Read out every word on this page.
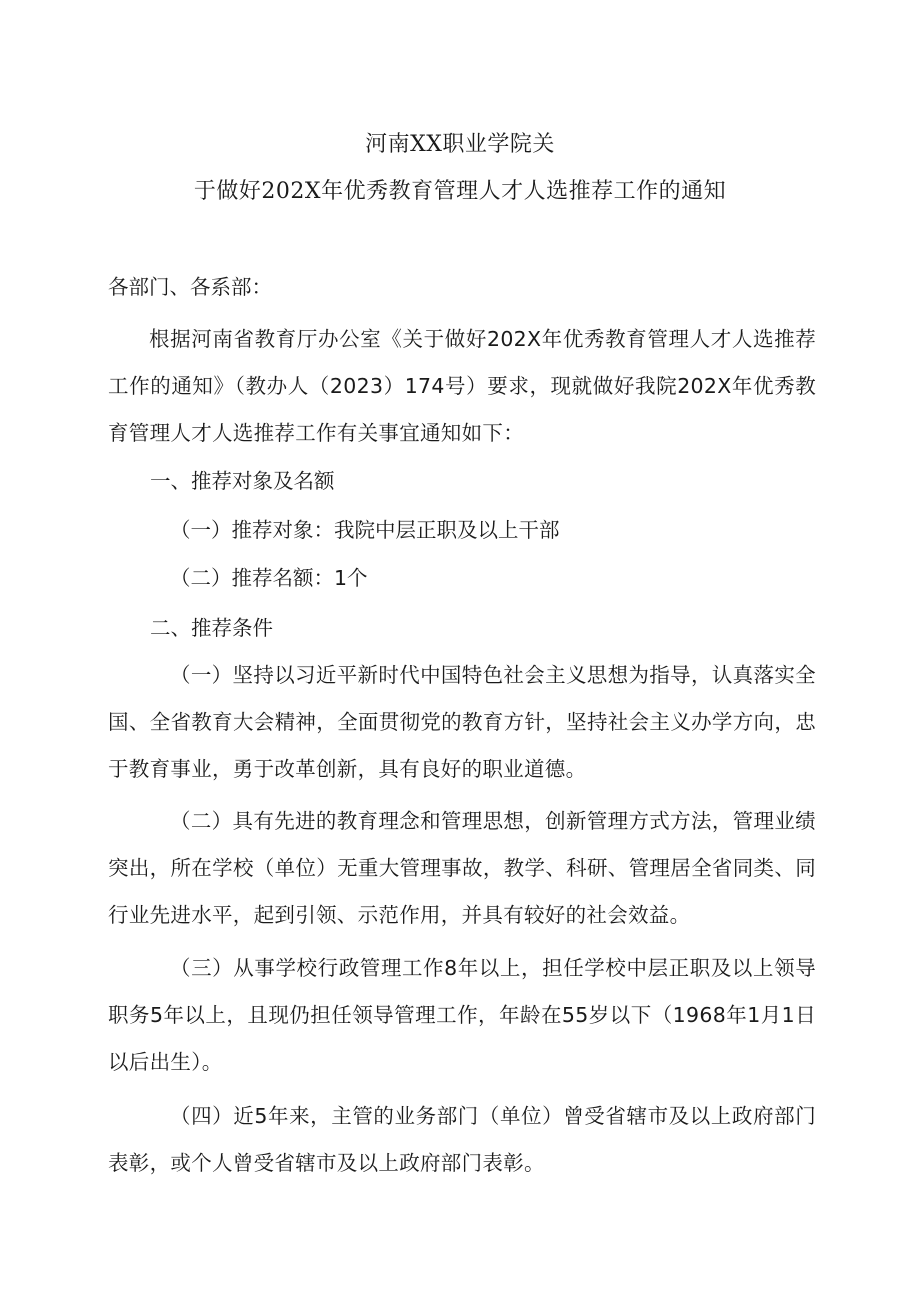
河南XX职业学院关
于做好202X年优秀教育管理人才人选推荐工作的通知
各部门、各系部：

根据河南省教育厅办公室《关于做好202X年优秀教育管理人才人选推荐工作的通知》（教办人（2023）174号）要求，现就做好我院202X年优秀教育管理人才人选推荐工作有关事宜通知如下：

一、推荐对象及名额
（一）推荐对象：我院中层正职及以上干部
（二）推荐名额：1个
二、推荐条件

（一）坚持以习近平新时代中国特色社会主义思想为指导，认真落实全国、全省教育大会精神，全面贯彻党的教育方针，坚持社会主义办学方向，忠于教育事业，勇于改革创新，具有良好的职业道德。

（二）具有先进的教育理念和管理思想，创新管理方式方法，管理业绩突出，所在学校（单位）无重大管理事故，教学、科研、管理居全省同类、同行业先进水平，起到引领、示范作用，并具有较好的社会效益。

（三）从事学校行政管理工作8年以上，担任学校中层正职及以上领导职务5年以上，且现仍担任领导管理工作，年龄在55岁以下（1968年1月1日以后出生）。

（四）近5年来，主管的业务部门（单位）曾受省辖市及以上政府部门表彰，或个人曾受省辖市及以上政府部门表彰。
